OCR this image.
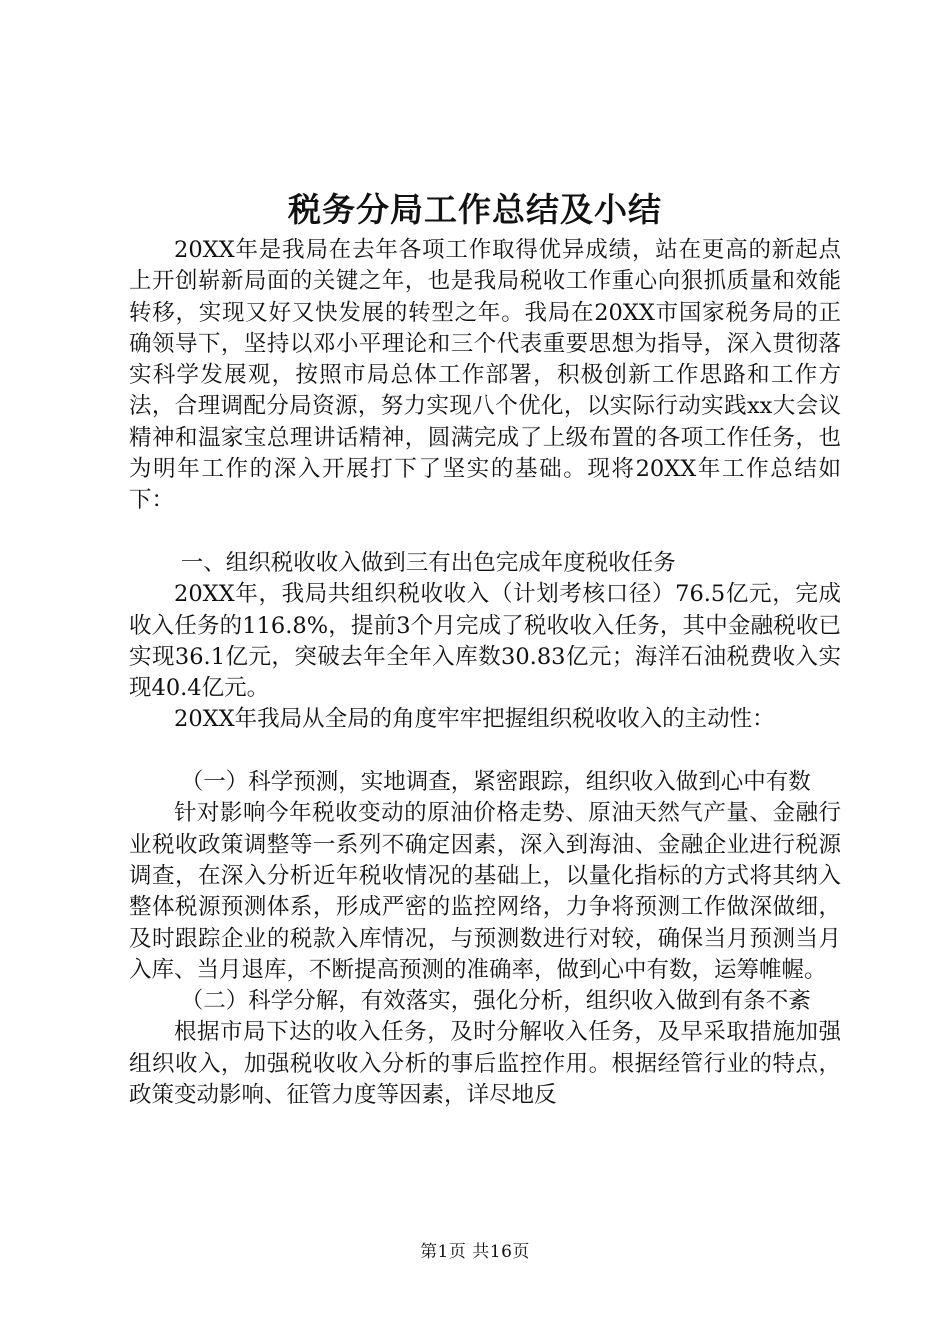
税务分局工作总结及小结

20XX年是我局在去年各项工作取得优异成绩，站在更高的新起点上开创崭新局面的关键之年，也是我局税收工作重心向狠抓质量和效能转移，实现又好又快发展的转型之年。我局在20XX市国家税务局的正确领导下，坚持以邓小平理论和三个代表重要思想为指导，深入贯彻落实科学发展观，按照市局总体工作部署，积极创新工作思路和工作方法，合理调配分局资源，努力实现八个优化，以实际行动实践xx大会议精神和温家宝总理讲话精神，圆满完成了上级布置的各项工作任务，也为明年工作的深入开展打下了坚实的基础。现将20XX年工作总结如下：

一、组织税收收入做到三有出色完成年度税收任务

20XX年，我局共组织税收收入（计划考核口径）76.5亿元，完成收入任务的116.8%，提前3个月完成了税收收入任务，其中金融税收已实现36.1亿元，突破去年全年入库数30.83亿元；海洋石油税费收入实现40.4亿元。

20XX年我局从全局的角度牢牢把握组织税收收入的主动性：

（一）科学预测，实地调查，紧密跟踪，组织收入做到心中有数

针对影响今年税收变动的原油价格走势、原油天然气产量、金融行业税收政策调整等一系列不确定因素，深入到海油、金融企业进行税源调查，在深入分析近年税收情况的基础上，以量化指标的方式将其纳入整体税源预测体系，形成严密的监控网络，力争将预测工作做深做细，及时跟踪企业的税款入库情况，与预测数进行对较，确保当月预测当月入库、当月退库，不断提高预测的准确率，做到心中有数，运筹帷幄。

（二）科学分解，有效落实，强化分析，组织收入做到有条不紊

根据市局下达的收入任务，及时分解收入任务，及早采取措施加强组织收入，加强税收收入分析的事后监控作用。根据经管行业的特点，政策变动影响、征管力度等因素，详尽地反

第1页 共16页
